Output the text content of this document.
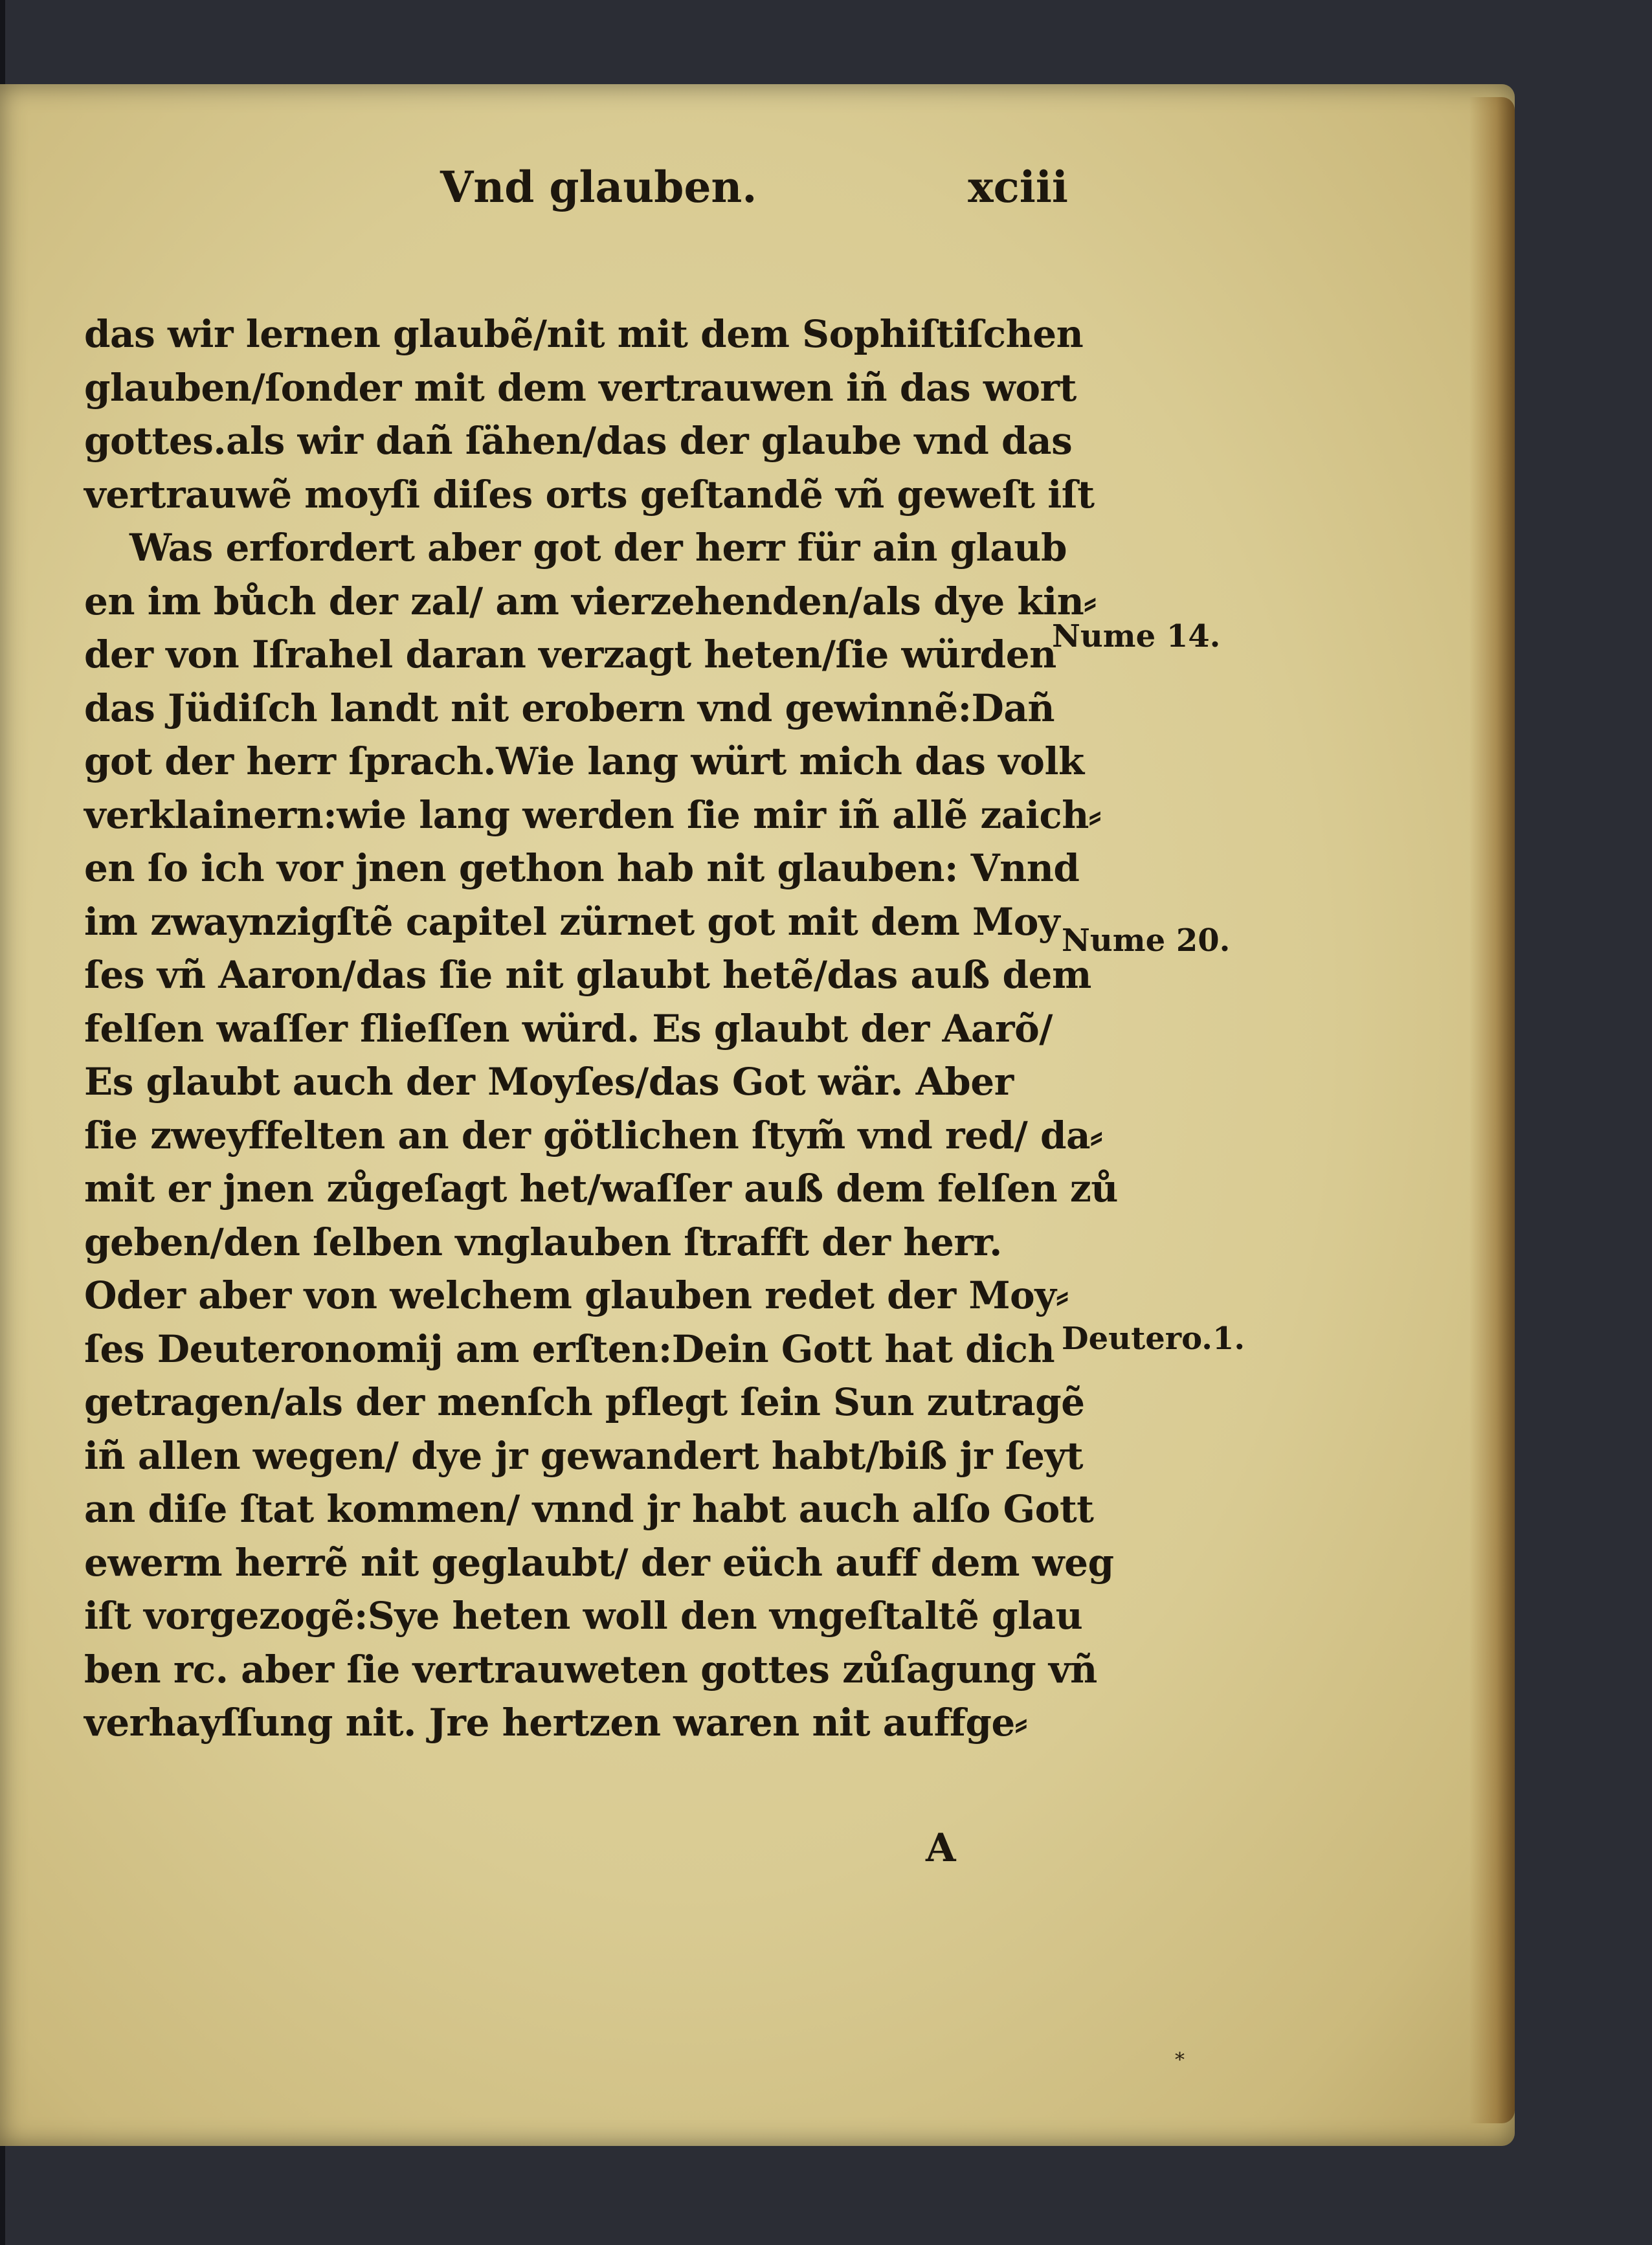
Vnd glauben.	xciii
das wir lernen glaubẽ/nit mit dem Sophiſtiſchen
glauben/ſonder mit dem vertrauwen iñ das wort
gottes.als wir dañ ſähen/das der glaube vnd das
vertrauwẽ moyſi diſes orts geſtandẽ vñ geweſt iſt
Was erfordert aber got der herr für ain glaub
en im bůch der zal/ am vierzehenden/als dye kin⸗
der von Iſrahel daran verzagt heten/ſie würden
das Jüdiſch landt nit erobern vnd gewinnẽ:Dañ
got der herr ſprach.Wie lang würt mich das volk
verklainern:wie lang werden ſie mir iñ allẽ zaich⸗
en ſo ich vor jnen gethon hab nit glauben: Vnnd
im zwaynzigſtẽ capitel zürnet got mit dem Moy
ſes vñ Aaron/das ſie nit glaubt hetẽ/das auß dem
felſen waſſer flieſſen würd. Es glaubt der Aarõ/
Es glaubt auch der Moyſes/das Got wär. Aber
ſie zweyffelten an der götlichen ſtym̃ vnd red/ da⸗
mit er jnen zůgeſagt het/waſſer auß dem felſen zů
geben/den ſelben vnglauben ſtrafft der herr.
Oder aber von welchem glauben redet der Moy⸗
ſes Deuteronomij am erſten:Dein Gott hat dich
getragen/als der menſch pflegt ſein Sun zutragẽ
iñ allen wegen/ dye jr gewandert habt/biß jr ſeyt
an diſe ſtat kommen/ vnnd jr habt auch alſo Gott
ewerm herrẽ nit geglaubt/ der eüch auff dem weg
iſt vorgezogẽ:Sye heten woll den vngeſtaltẽ glau
ben rc. aber ſie vertrauweten gottes zůſagung vñ
verhayſſung nit. Jre hertzen waren nit auffge⸗
Nume 14.
Nume 20.
Deutero.1.
A
*
